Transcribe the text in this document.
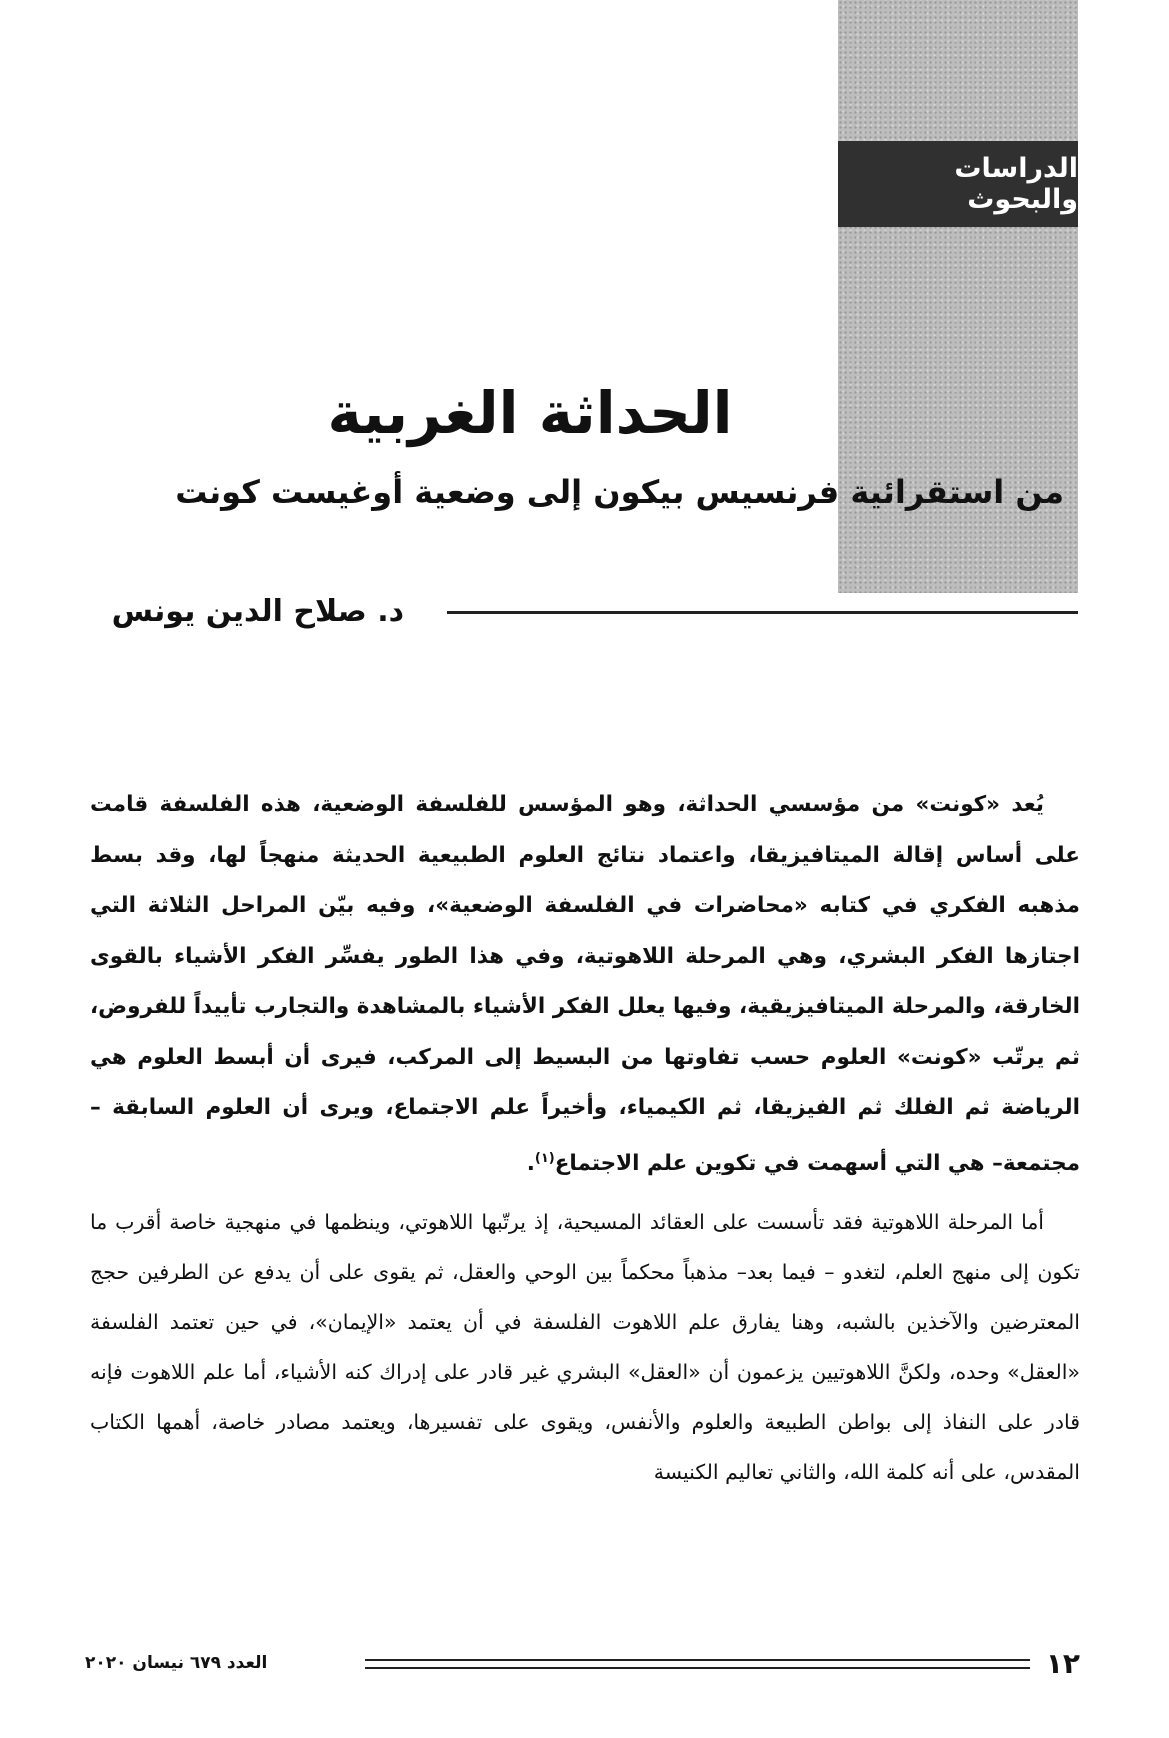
الدراسات والبحوث
الحداثة الغربية
من استقرائية فرنسيس بيكون إلى وضعية أوغيست كونت
د. صلاح الدين يونس

يُعد «كونت» من مؤسسي الحداثة، وهو المؤسس للفلسفة الوضعية، هذه الفلسفة قامت على أساس إقالة الميتافيزيقا، واعتماد نتائج العلوم الطبيعية الحديثة منهجاً لها، وقد بسط مذهبه الفكري في كتابه «محاضرات في الفلسفة الوضعية»، وفيه بيّن المراحل الثلاثة التي اجتازها الفكر البشري، وهي المرحلة اللاهوتية، وفي هذا الطور يفسِّر الفكر الأشياء بالقوى الخارقة، والمرحلة الميتافيزيقية، وفيها يعلل الفكر الأشياء بالمشاهدة والتجارب تأييداً للفروض، ثم يرتّب «كونت» العلوم حسب تفاوتها من البسيط إلى المركب، فيرى أن أبسط العلوم هي الرياضة ثم الفلك ثم الفيزيقا، ثم الكيمياء، وأخيراً علم الاجتماع، ويرى أن العلوم السابقة – مجتمعة– هي التي أسهمت في تكوين علم الاجتماع$^{(١)}$.

أما المرحلة اللاهوتية فقد تأسست على العقائد المسيحية، إذ يرتّبها اللاهوتي، وينظمها في منهجية خاصة أقرب ما تكون إلى منهج العلم، لتغدو – فيما بعد– مذهباً محكماً بين الوحي والعقل، ثم يقوى على أن يدفع عن الطرفين حجج المعترضين والآخذين بالشبه، وهنا يفارق علم اللاهوت الفلسفة في أن يعتمد «الإيمان»، في حين تعتمد الفلسفة «العقل» وحده، ولكنَّ اللاهوتيين يزعمون أن «العقل» البشري غير قادر على إدراك كنه الأشياء، أما علم اللاهوت فإنه قادر على النفاذ إلى بواطن الطبيعة والعلوم والأنفس، ويقوى على تفسيرها، ويعتمد مصادر خاصة، أهمها الكتاب المقدس، على أنه كلمة الله، والثاني تعاليم الكنيسة

١٢
العدد ٦٧٩ نيسان ٢٠٢٠
